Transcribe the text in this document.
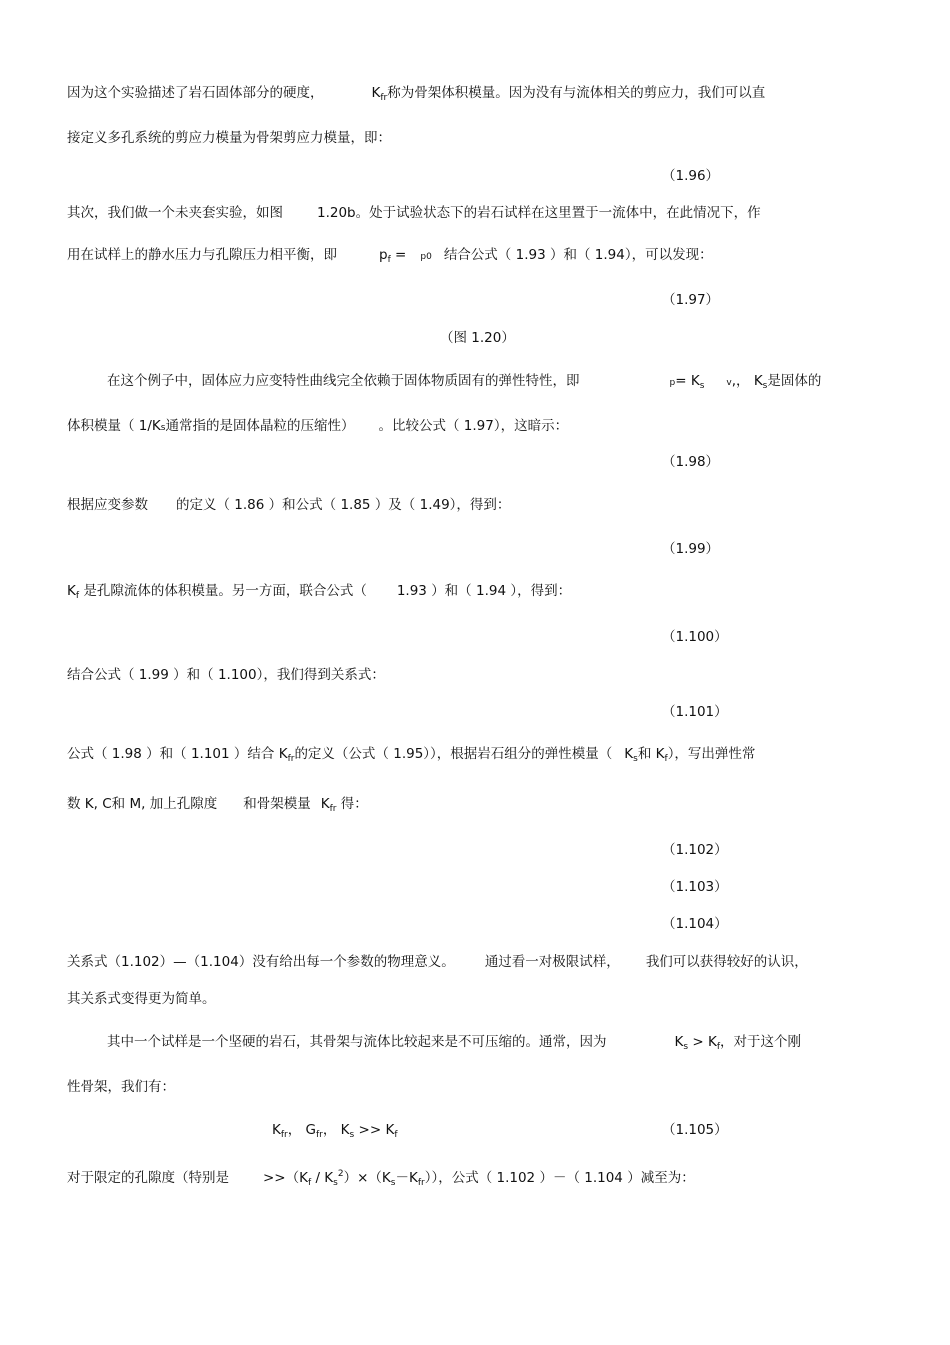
因为这个实验描述了岩石固体部分的硬度，	$K_{fr}$称为骨架体积模量。因为没有与流体相关的剪应力，我们可以直
接定义多孔系统的剪应力模量为骨架剪应力模量，即：
（1.96）
其次，我们做一个未夹套实验，如图	1.20b。处于试验状态下的岩石试样在这里置于一流体中，在此情况下，作
用在试样上的静水压力与孔隙压力相平衡，即	$p_f = p0$ 结合公式（ 1.93 ）和（ 1.94），可以发现：
（1.97）
（图 1.20）
在这个例子中，固体应力应变特性曲线完全依赖于固体物质固有的弹性特性，即	$p= K_s$ v,， $K_s$是固体的
体积模量（ 1/Ks通常指的是固体晶粒的压缩性） 。比较公式（ 1.97），这暗示：
（1.98）
根据应变参数 的定义（ 1.86 ）和公式（ 1.85 ）及（ 1.49），得到：
（1.99）
$K_f$ 是孔隙流体的体积模量。另一方面，联合公式（ 1.93 ）和（ 1.94 ），得到：
（1.100）
结合公式（ 1.99 ）和（ 1.100），我们得到关系式：
（1.101）
公式（ 1.98 ）和（ 1.101 ）结合 $K_{fr}$的定义（公式（ 1.95）），根据岩石组分的弹性模量（ $K_s$和 $K_f$），写出弹性常
数 K, C和 M, 加上孔隙度 和骨架模量 $K_{fr}$ 得：
（1.102）
（1.103）
（1.104）
关系式（1.102）—（1.104）没有给出每一个参数的物理意义。 通过看一对极限试样， 我们可以获得较好的认识，
其关系式变得更为简单。
其中一个试样是一个坚硬的岩石，其骨架与流体比较起来是不可压缩的。通常，因为	$K_s > K_f$，对于这个刚
性骨架，我们有：
$K_{fr}$， $G_{fr}$， $K_s >> K_f$	（1.105）
对于限定的孔隙度（特别是	$>>(K_f / K_s^2)\times(K_s-K_{fr})$），公式（ 1.102 ）－（ 1.104 ）减至为：
